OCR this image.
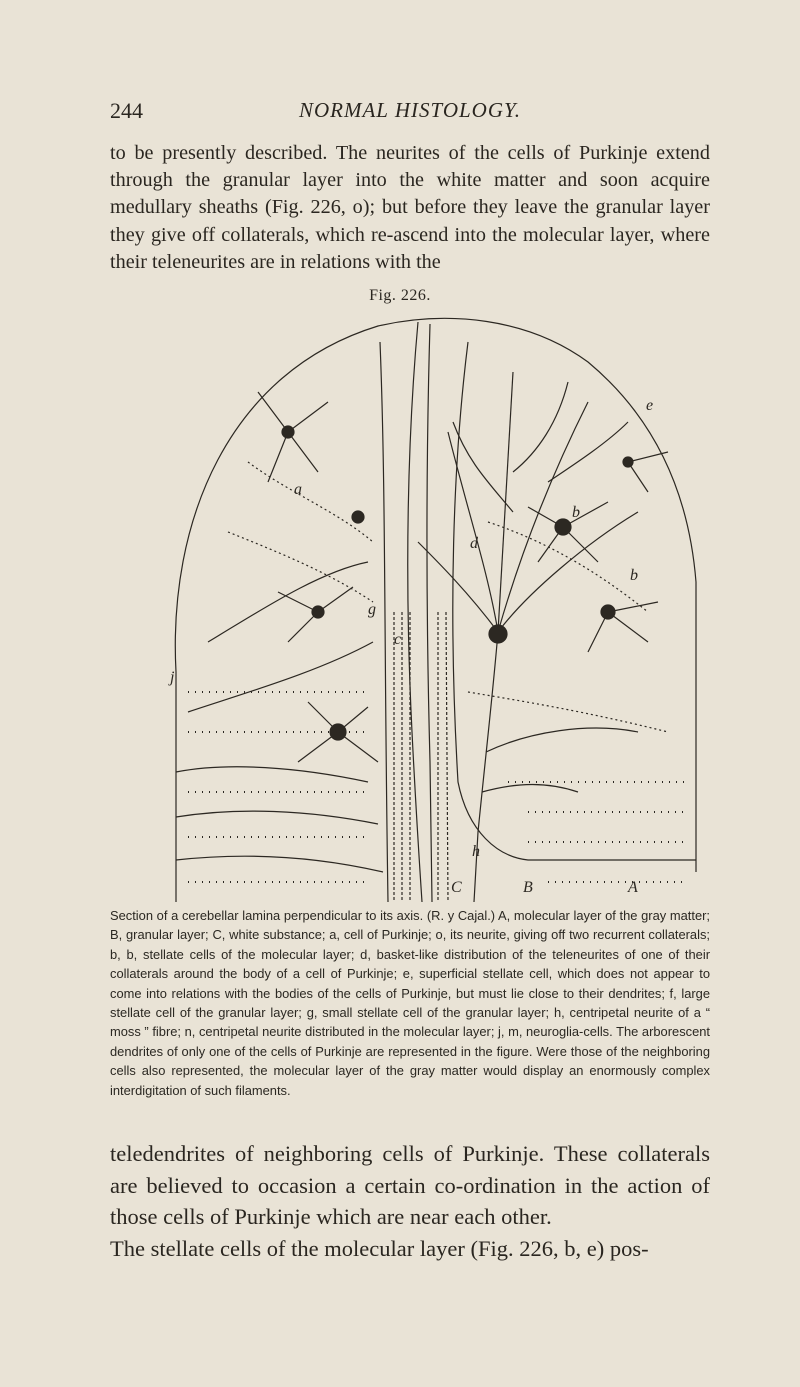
244	NORMAL HISTOLOGY.
to be presently described. The neurites of the cells of Purkinje extend through the granular layer into the white matter and soon acquire medullary sheaths (Fig. 226, o); but before they leave the granular layer they give off collaterals, which re-ascend into the molecular layer, where their teleneurites are in relations with the
Fig. 226.
a
b
b
c
d
e
g
h
j
C	B	A
Section of a cerebellar lamina perpendicular to its axis. (R. y Cajal.) A, molecular layer of the gray matter; B, granular layer; C, white substance; a, cell of Purkinje; o, its neurite, giving off two recurrent collaterals; b, b, stellate cells of the molecular layer; d, basket-like distribution of the teleneurites of one of their collaterals around the body of a cell of Purkinje; e, superficial stellate cell, which does not appear to come into relations with the bodies of the cells of Purkinje, but must lie close to their dendrites; f, large stellate cell of the granular layer; g, small stellate cell of the granular layer; h, centripetal neurite of a “ moss ” fibre; n, centripetal neurite distributed in the molecular layer; j, m, neuroglia-cells. The arborescent dendrites of only one of the cells of Purkinje are represented in the figure. Were those of the neighboring cells also represented, the molecular layer of the gray matter would display an enormously complex interdigitation of such filaments.

teledendrites of neighboring cells of Purkinje. These collaterals are believed to occasion a certain co-ordination in the action of those cells of Purkinje which are near each other.

The stellate cells of the molecular layer (Fig. 226, b, e) pos-
